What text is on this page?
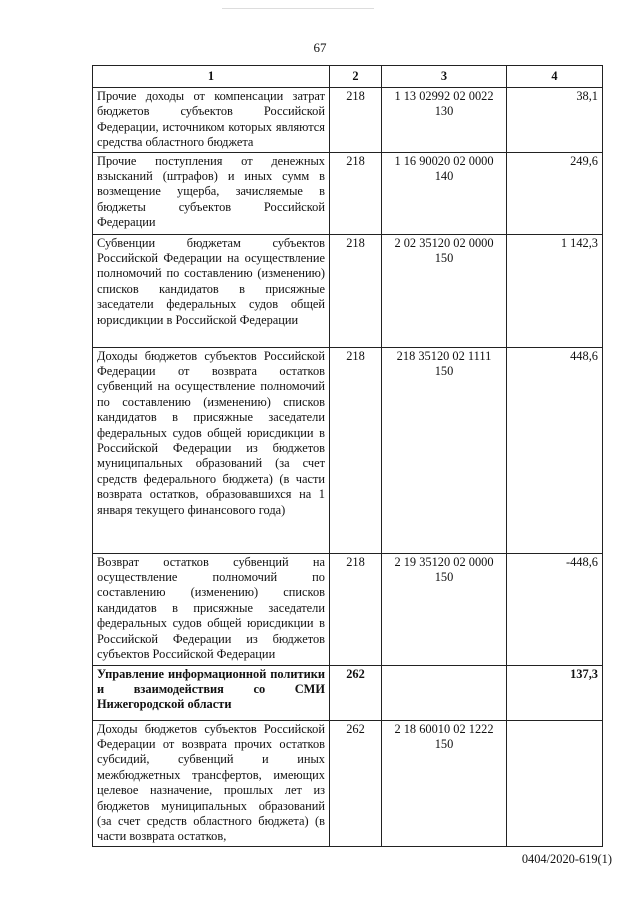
67
1	2	3	4
Прочие доходы от компенсации затрат бюджетов субъектов Российской Федерации, источником которых являются средства областного бюджета	218	1 13 02992 02 0022 130	38,1
Прочие поступления от денежных взысканий (штрафов) и иных сумм в возмещение ущерба, зачисляемые в бюджеты субъектов Российской Федерации	218	1 16 90020 02 0000 140	249,6
Субвенции бюджетам субъектов Российской Федерации на осуществление полномочий по составлению (изменению) списков кандидатов в присяжные заседатели федеральных судов общей юрисдикции в Российской Федерации	218	2 02 35120 02 0000 150	1 142,3
Доходы бюджетов субъектов Российской Федерации от возврата остатков субвенций на осуществление полномочий по составлению (изменению) списков кандидатов в присяжные заседатели федеральных судов общей юрисдикции в Российской Федерации из бюджетов муниципальных образований (за счет средств федерального бюджета) (в части возврата остатков, образовавшихся на 1 января текущего финансового года)	218	218 35120 02 1111 150	448,6
Возврат остатков субвенций на осуществление полномочий по составлению (изменению) списков кандидатов в присяжные заседатели федеральных судов общей юрисдикции в Российской Федерации из бюджетов субъектов Российской Федерации	218	2 19 35120 02 0000 150	-448,6
Управление информационной политики и взаимодействия со СМИ Нижегородской области	262		137,3
Доходы бюджетов субъектов Российской Федерации от возврата прочих остатков субсидий, субвенций и иных межбюджетных трансфертов, имеющих целевое назначение, прошлых лет из бюджетов муниципальных образований (за счет средств областного бюджета) (в части возврата остатков,	262	2 18 60010 02 1222 150	
0404/2020-619(1)
